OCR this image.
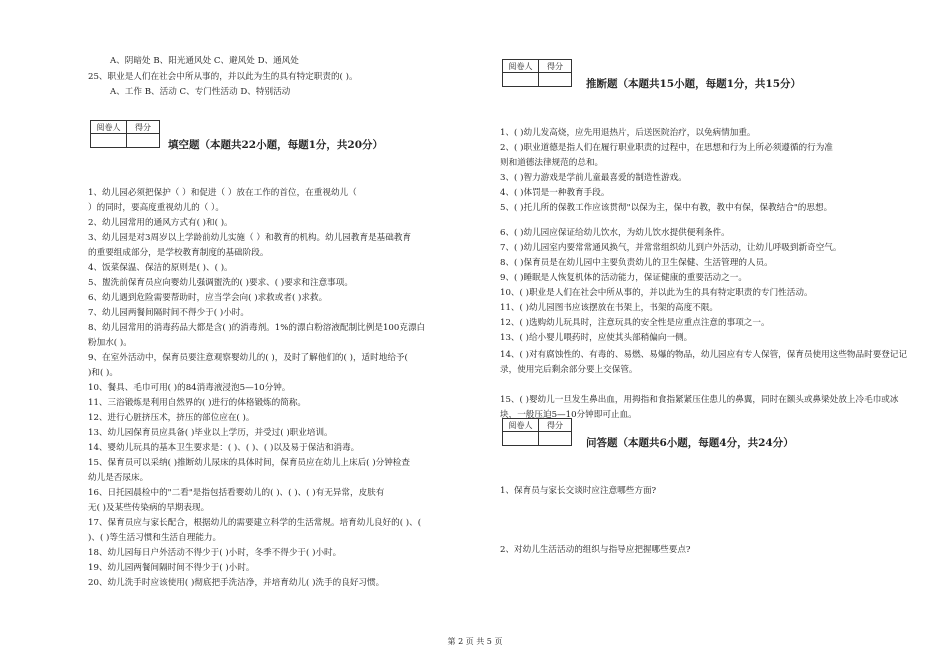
A、阴暗处 B、阳光通风处 C、避风处 D、通风处
25、职业是人们在社会中所从事的，并以此为生的具有特定职责的( )。
A、工作 B、活动 C、专门性活动 D、特别活动
阅卷人	得分
填空题（本题共22小题，每题1分，共20分）
1、幼儿园必须把保护（ ）和促进（ ）放在工作的首位，在重视幼儿（
）的同时，要高度重视幼儿的（ ）。
2、幼儿园常用的通风方式有( )和( )。
3、幼儿园是对3周岁以上学龄前幼儿实施（ ）和教育的机构。幼儿园教育是基础教育
的重要组成部分，是学校教育制度的基础阶段。
4、饭菜保温、保洁的原则是( )、( )。
5、盥洗前保育员应向婴幼儿强调盥洗的( )要求、( )要求和注意事项。
6、幼儿遇到危险需要帮助时，应当学会向( )求救或者( )求救。
7、幼儿园两餐间隔时间不得少于( )小时。
8、幼儿园常用的消毒药品大都是含( )的消毒剂。1%的漂白粉溶液配制比例是100克漂白
粉加水( )。
9、在室外活动中，保育员要注意观察婴幼儿的( )，及时了解他们的( )，适时地给予(
)和( )。
10、餐具、毛巾可用( )的84消毒液浸泡5—10分钟。
11、三浴锻炼是利用自然界的( )进行的体格锻炼的简称。
12、进行心脏挤压术，挤压的部位应在( )。
13、幼儿园保育员应具备( )毕业以上学历，并受过( )职业培训。
14、婴幼儿玩具的基本卫生要求是：( )、( )、( )以及易于保洁和消毒。
15、保育员可以采纳( )推断幼儿尿床的具体时间，保育员应在幼儿上床后( )分钟检查
幼儿是否尿床。
16、日托园晨检中的"二看"是指包括看婴幼儿的( )、( )、( )有无异常，皮肤有
无( )及某些传染病的早期表现。
17、保育员应与家长配合，根据幼儿的需要建立科学的生活常规。培育幼儿良好的( )、(
)、( )等生活习惯和生活自理能力。
18、幼儿园每日户外活动不得少于( )小时，冬季不得少于( )小时。
19、幼儿园两餐间隔时间不得少于( )小时。
20、幼儿洗手时应该使用( )彻底把手洗洁净，并培育幼儿( )洗手的良好习惯。
阅卷人	得分
推断题（本题共15小题，每题1分，共15分）
1、( )幼儿发高烧，应先用退热片，后送医院治疗，以免病情加重。
2、( )职业道德是指人们在履行职业职责的过程中，在思想和行为上所必须遵循的行为准
则和道德法律规范的总和。
3、( )智力游戏是学前儿童最喜爱的制造性游戏。
4、( )体罚是一种教育手段。
5、( )托儿所的保教工作应该贯彻"以保为主，保中有教，教中有保，保教结合"的思想。
6、( )幼儿园应保证给幼儿饮水，为幼儿饮水提供便利条件。
7、( )幼儿园室内要常常通风换气，并常常组织幼儿到户外活动，让幼儿呼吸到新奇空气。
8、( )保育员是在幼儿园中主要负责幼儿的卫生保健、生活管理的人员。
9、( )睡眠是人恢复机体的活动能力，保证健康的重要活动之一。
10、( )职业是人们在社会中所从事的，并以此为生的具有特定职责的专门性活动。
11、( )幼儿园图书应该摆放在书架上，书架的高度不限。
12、( )选购幼儿玩具时，注意玩具的安全性是应重点注意的事项之一。
13、( )给小婴儿喂药时，应使其头部稍偏向一侧。
14、( )对有腐蚀性的、有毒的、易燃、易爆的物品，幼儿园应有专人保管，保育员使用这些物品时要登记记录，使用完后剩余部分要上交保管。
15、( )婴幼儿一旦发生鼻出血，用拇指和食指紧紧压住患儿的鼻翼，同时在额头或鼻梁处放上冷毛巾或冰块，一般压迫5—10分钟即可止血。
阅卷人	得分
问答题（本题共6小题，每题4分，共24分）
1、保育员与家长交谈时应注意哪些方面?
2、对幼儿生活活动的组织与指导应把握哪些要点?
第 2 页 共 5 页
